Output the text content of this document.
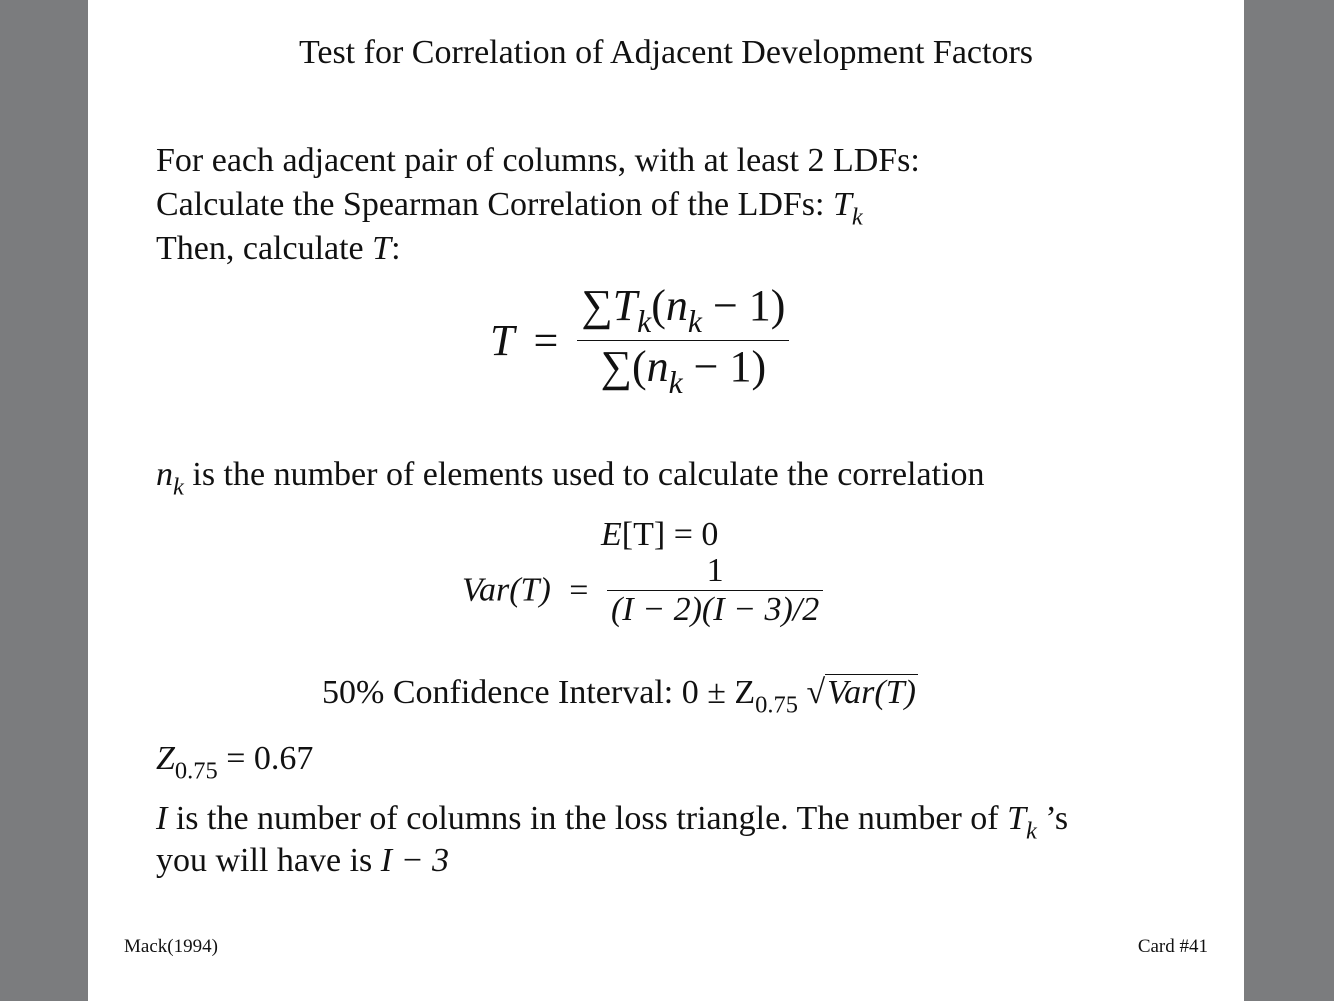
Test for Correlation of Adjacent Development Factors
For each adjacent pair of columns, with at least 2 LDFs:
Calculate the Spearman Correlation of the LDFs: $T_k$
Then, calculate T:
$T = \frac{\sum T_k(n_k - 1)}{\sum(n_k - 1)}$
$n_k$ is the number of elements used to calculate the correlation
E[T] = 0
$Var(T) = \frac{1}{(I - 2)(I - 3)/2}$
50% Confidence Interval: $0 \pm Z_{0.75}$ √Var(T)
$Z_{0.75} = 0.67$
I is the number of columns in the loss triangle. The number of $T_k$ ’s
you will have is I − 3
Mack(1994)	Card #41
